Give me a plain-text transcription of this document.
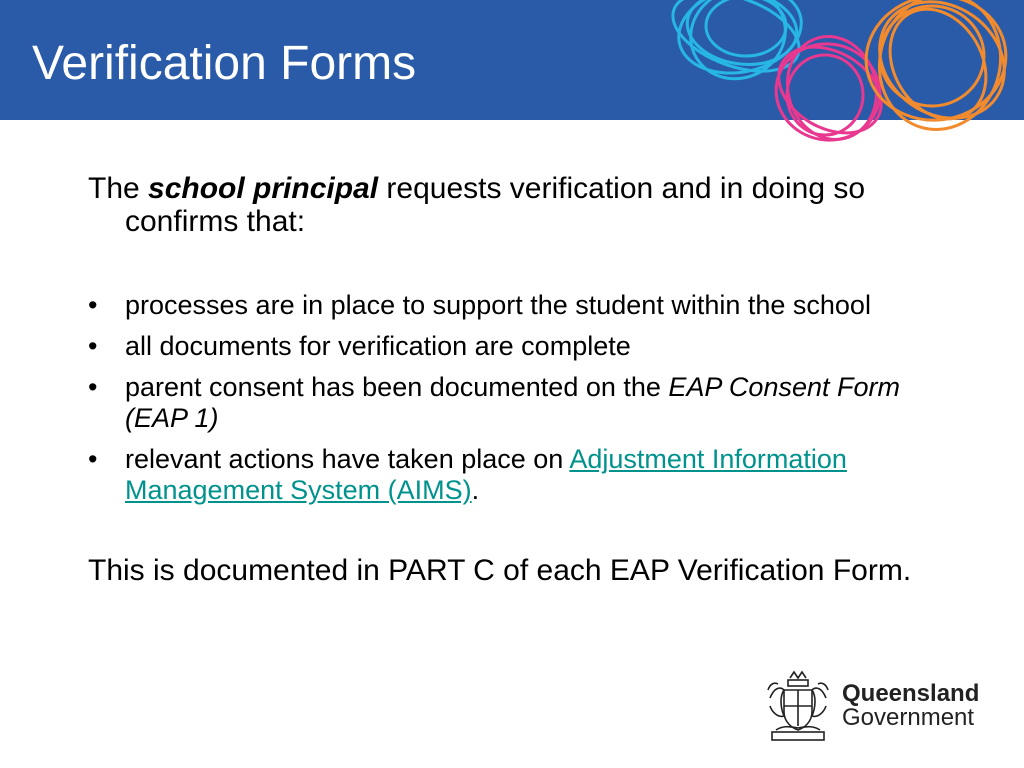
Verification Forms

The school principal requests verification and in doing so confirms that:

• processes are in place to support the student within the school
• all documents for verification are complete
• parent consent has been documented on the EAP Consent Form (EAP 1)
• relevant actions have taken place on Adjustment Information Management System (AIMS).

This is documented in PART C of each EAP Verification Form.

Queensland
Government
